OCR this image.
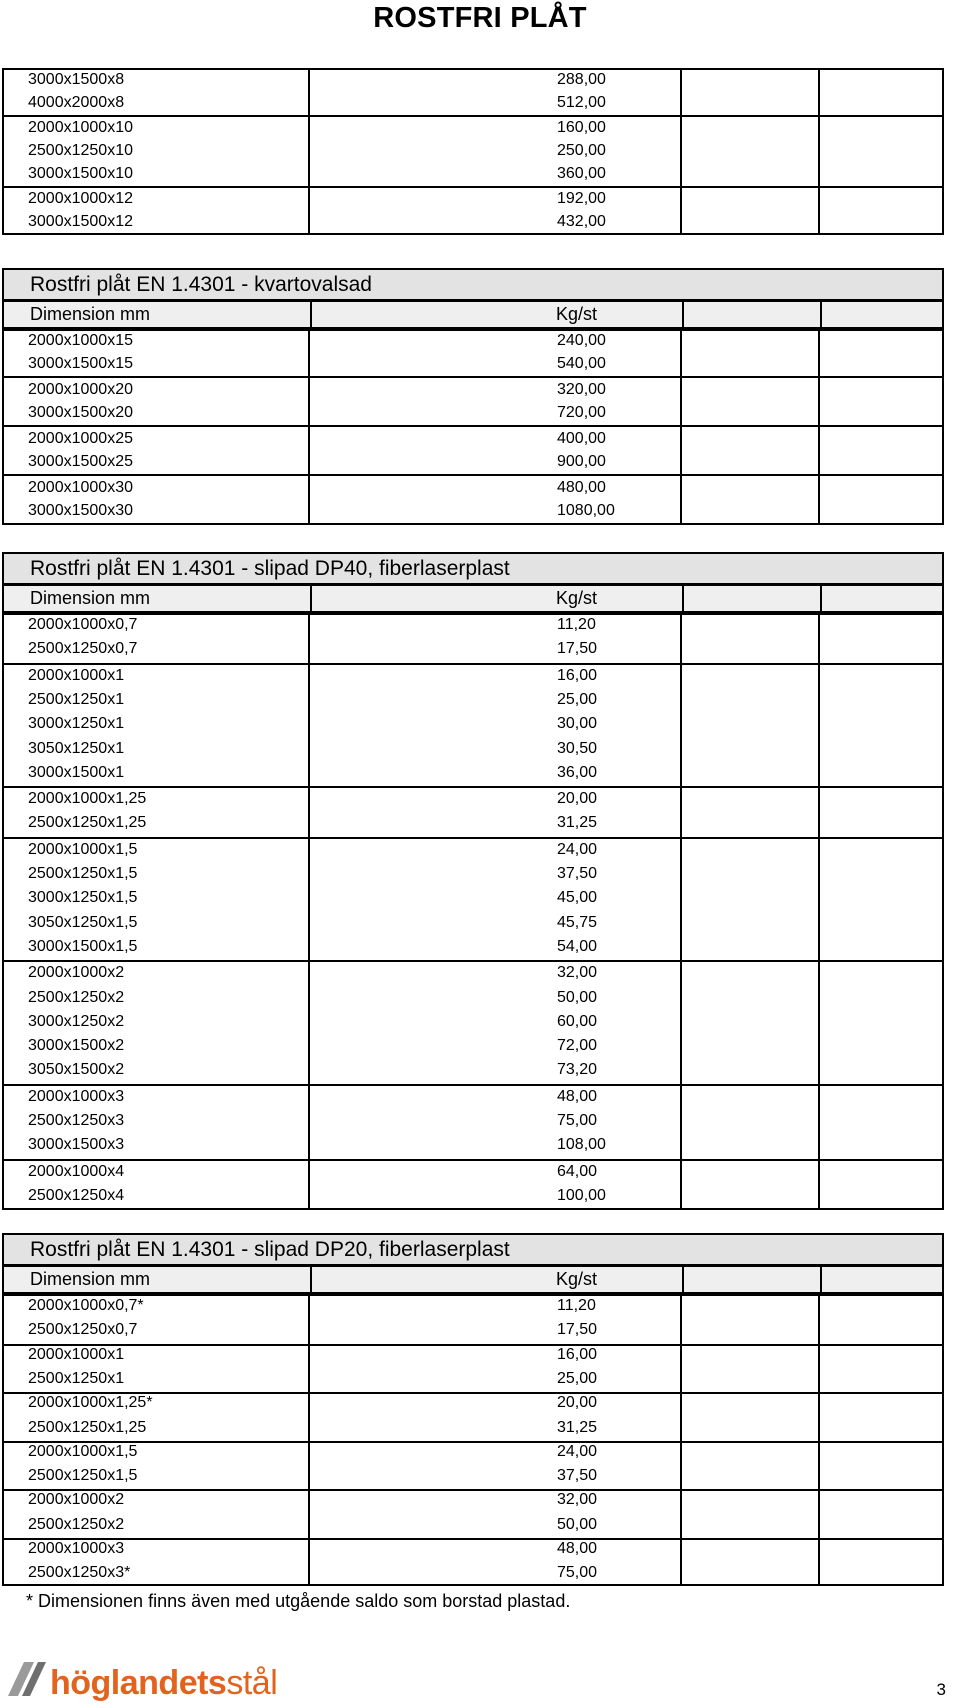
ROSTFRI PLÅT
3000x1500x8	288,00
4000x2000x8	512,00
2000x1000x10	160,00
2500x1250x10	250,00
3000x1500x10	360,00
2000x1000x12	192,00
3000x1500x12	432,00
Rostfri plåt EN 1.4301 - kvartovalsad
Dimension mm	Kg/st
2000x1000x15	240,00
3000x1500x15	540,00
2000x1000x20	320,00
3000x1500x20	720,00
2000x1000x25	400,00
3000x1500x25	900,00
2000x1000x30	480,00
3000x1500x30	1080,00
Rostfri plåt EN 1.4301 - slipad DP40, fiberlaserplast
Dimension mm	Kg/st
2000x1000x0,7	11,20
2500x1250x0,7	17,50
2000x1000x1	16,00
2500x1250x1	25,00
3000x1250x1	30,00
3050x1250x1	30,50
3000x1500x1	36,00
2000x1000x1,25	20,00
2500x1250x1,25	31,25
2000x1000x1,5	24,00
2500x1250x1,5	37,50
3000x1250x1,5	45,00
3050x1250x1,5	45,75
3000x1500x1,5	54,00
2000x1000x2	32,00
2500x1250x2	50,00
3000x1250x2	60,00
3000x1500x2	72,00
3050x1500x2	73,20
2000x1000x3	48,00
2500x1250x3	75,00
3000x1500x3	108,00
2000x1000x4	64,00
2500x1250x4	100,00
Rostfri plåt EN 1.4301 - slipad DP20, fiberlaserplast
Dimension mm	Kg/st
2000x1000x0,7*	11,20
2500x1250x0,7	17,50
2000x1000x1	16,00
2500x1250x1	25,00
2000x1000x1,25*	20,00
2500x1250x1,25	31,25
2000x1000x1,5	24,00
2500x1250x1,5	37,50
2000x1000x2	32,00
2500x1250x2	50,00
2000x1000x3	48,00
2500x1250x3*	75,00
* Dimensionen finns även med utgående saldo som borstad plastad.
höglandetsstål	3
